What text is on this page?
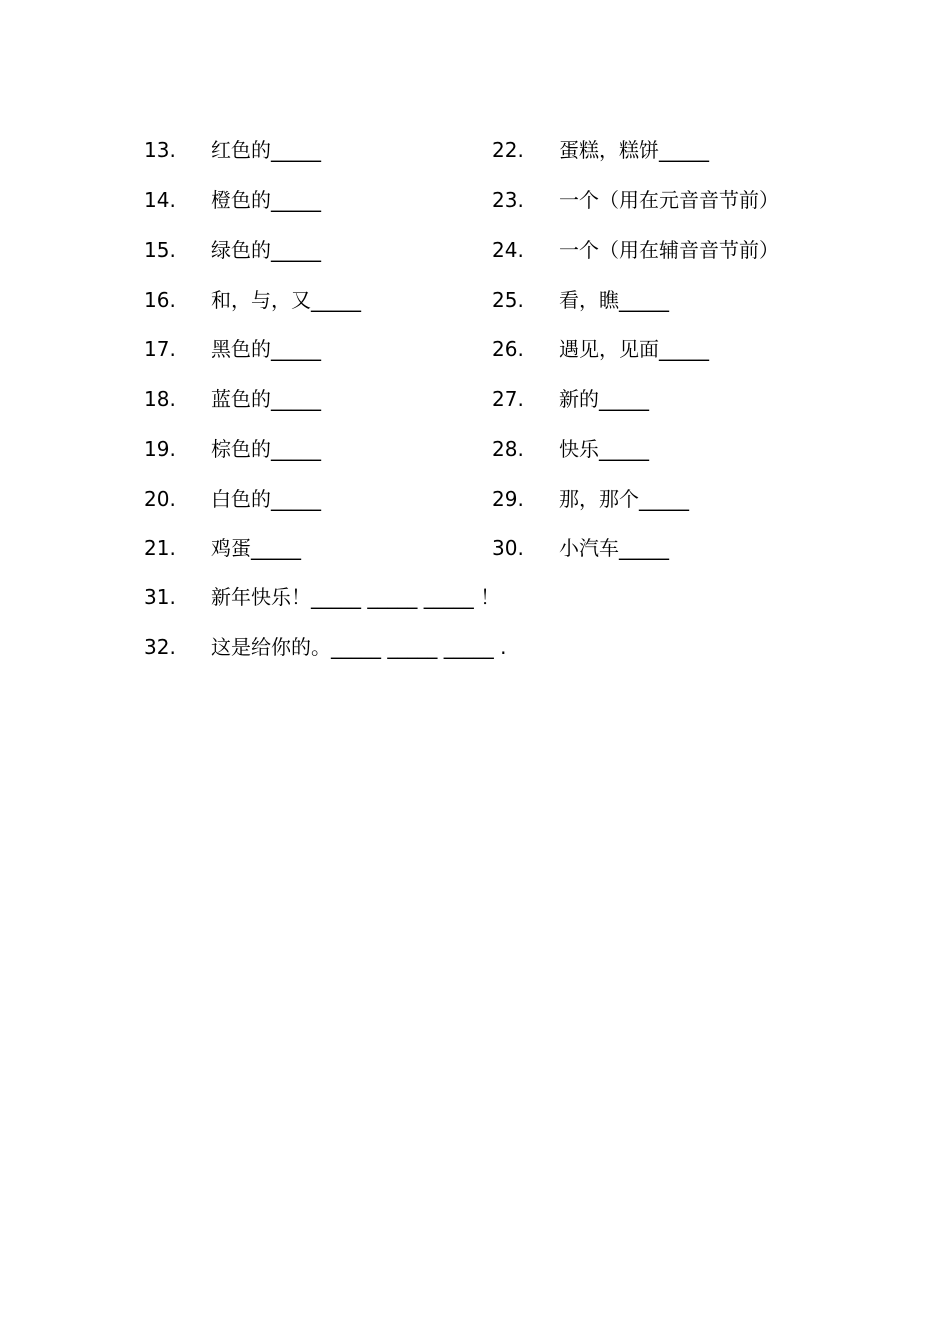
13. 红色的_____
14. 橙色的_____
15. 绿色的_____
16. 和，与，又_____
17. 黑色的_____
18. 蓝色的_____
19. 棕色的_____
20. 白色的_____
21. 鸡蛋_____
22. 蛋糕，糕饼_____
23. 一个（用在元音音节前）
24. 一个（用在辅音音节前）
25. 看，瞧_____
26. 遇见，见面_____
27. 新的_____
28. 快乐_____
29. 那，那个_____
30. 小汽车_____
31. 新年快乐！_____ _____ _____ ！
32. 这是给你的。_____ _____ _____ .
